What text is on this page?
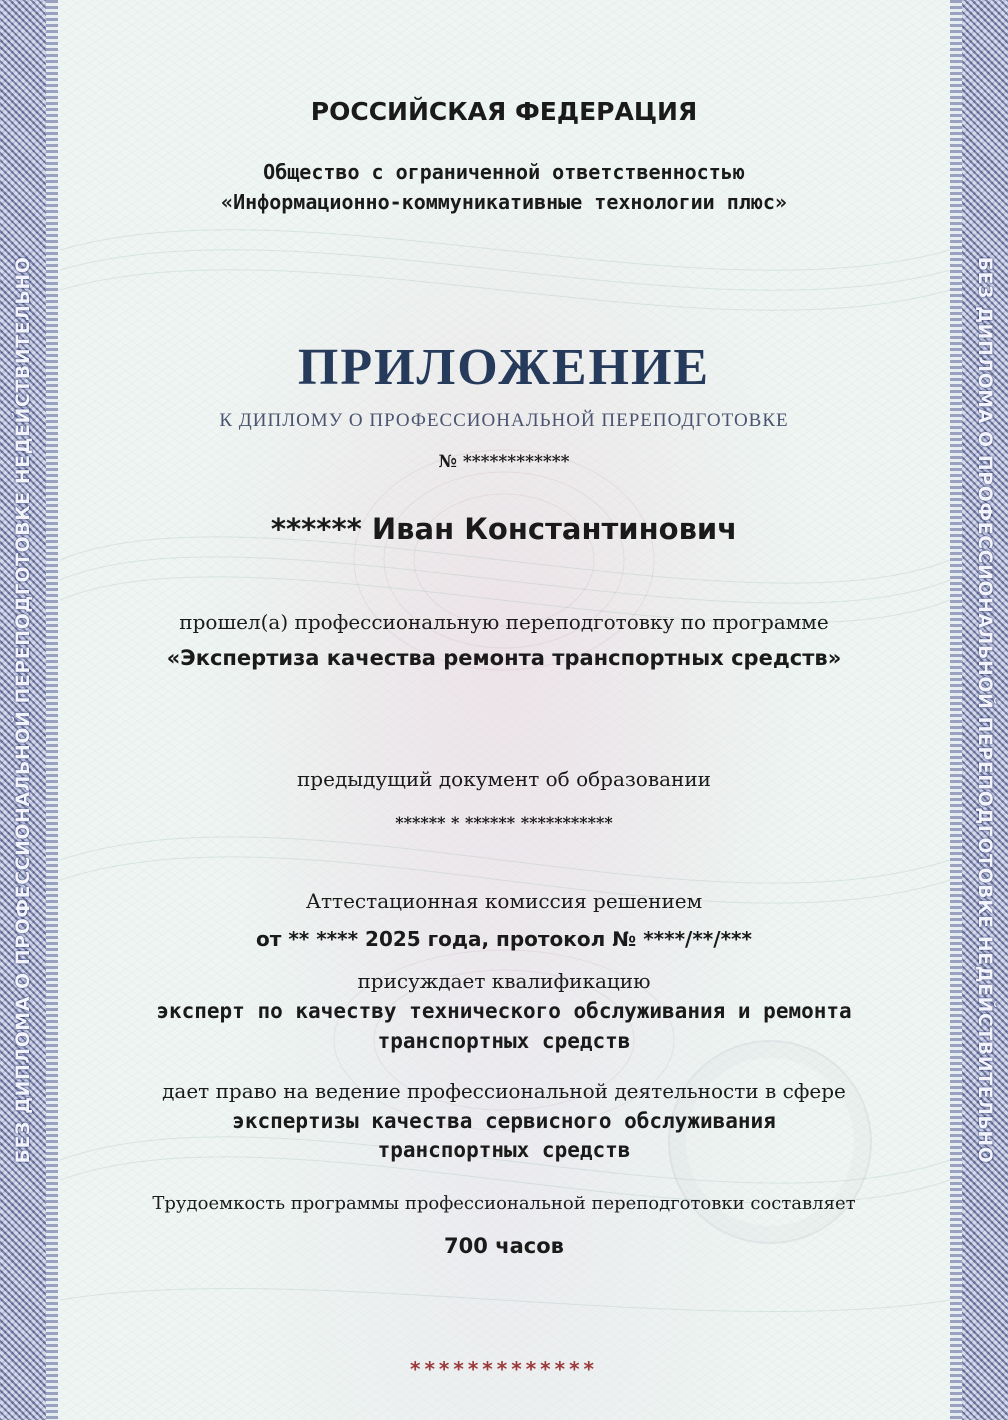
БЕЗ ДИПЛОМА О ПРОФЕССИОНАЛЬНОЙ ПЕРЕПОДГОТОВКЕ НЕДЕЙСТВИТЕЛЬНО	БЕЗ ДИПЛОМА О ПРОФЕССИОНАЛЬНОЙ ПЕРЕПОДГОТОВКЕ НЕДЕЙСТВИТЕЛЬНО
РОССИЙСКАЯ ФЕДЕРАЦИЯ
Общество с ограниченной ответственностью
«Информационно-коммуникативные технологии плюс»
ПРИЛОЖЕНИЕ
К ДИПЛОМУ О ПРОФЕССИОНАЛЬНОЙ ПЕРЕПОДГОТОВКЕ
№ ************
****** Иван Константинович
прошел(а) профессиональную переподготовку по программе
«Экспертиза качества ремонта транспортных средств»
предыдущий документ об образовании
****** * ****** ***********
Аттестационная комиссия решением
от ** **** 2025 года, протокол № ****/**/***
присуждает квалификацию
эксперт по качеству технического обслуживания и ремонта
транспортных средств
дает право на ведение профессиональной деятельности в сфере
экспертизы качества сервисного обслуживания
транспортных средств
Трудоемкость программы профессиональной переподготовки составляет
700 часов
*************
